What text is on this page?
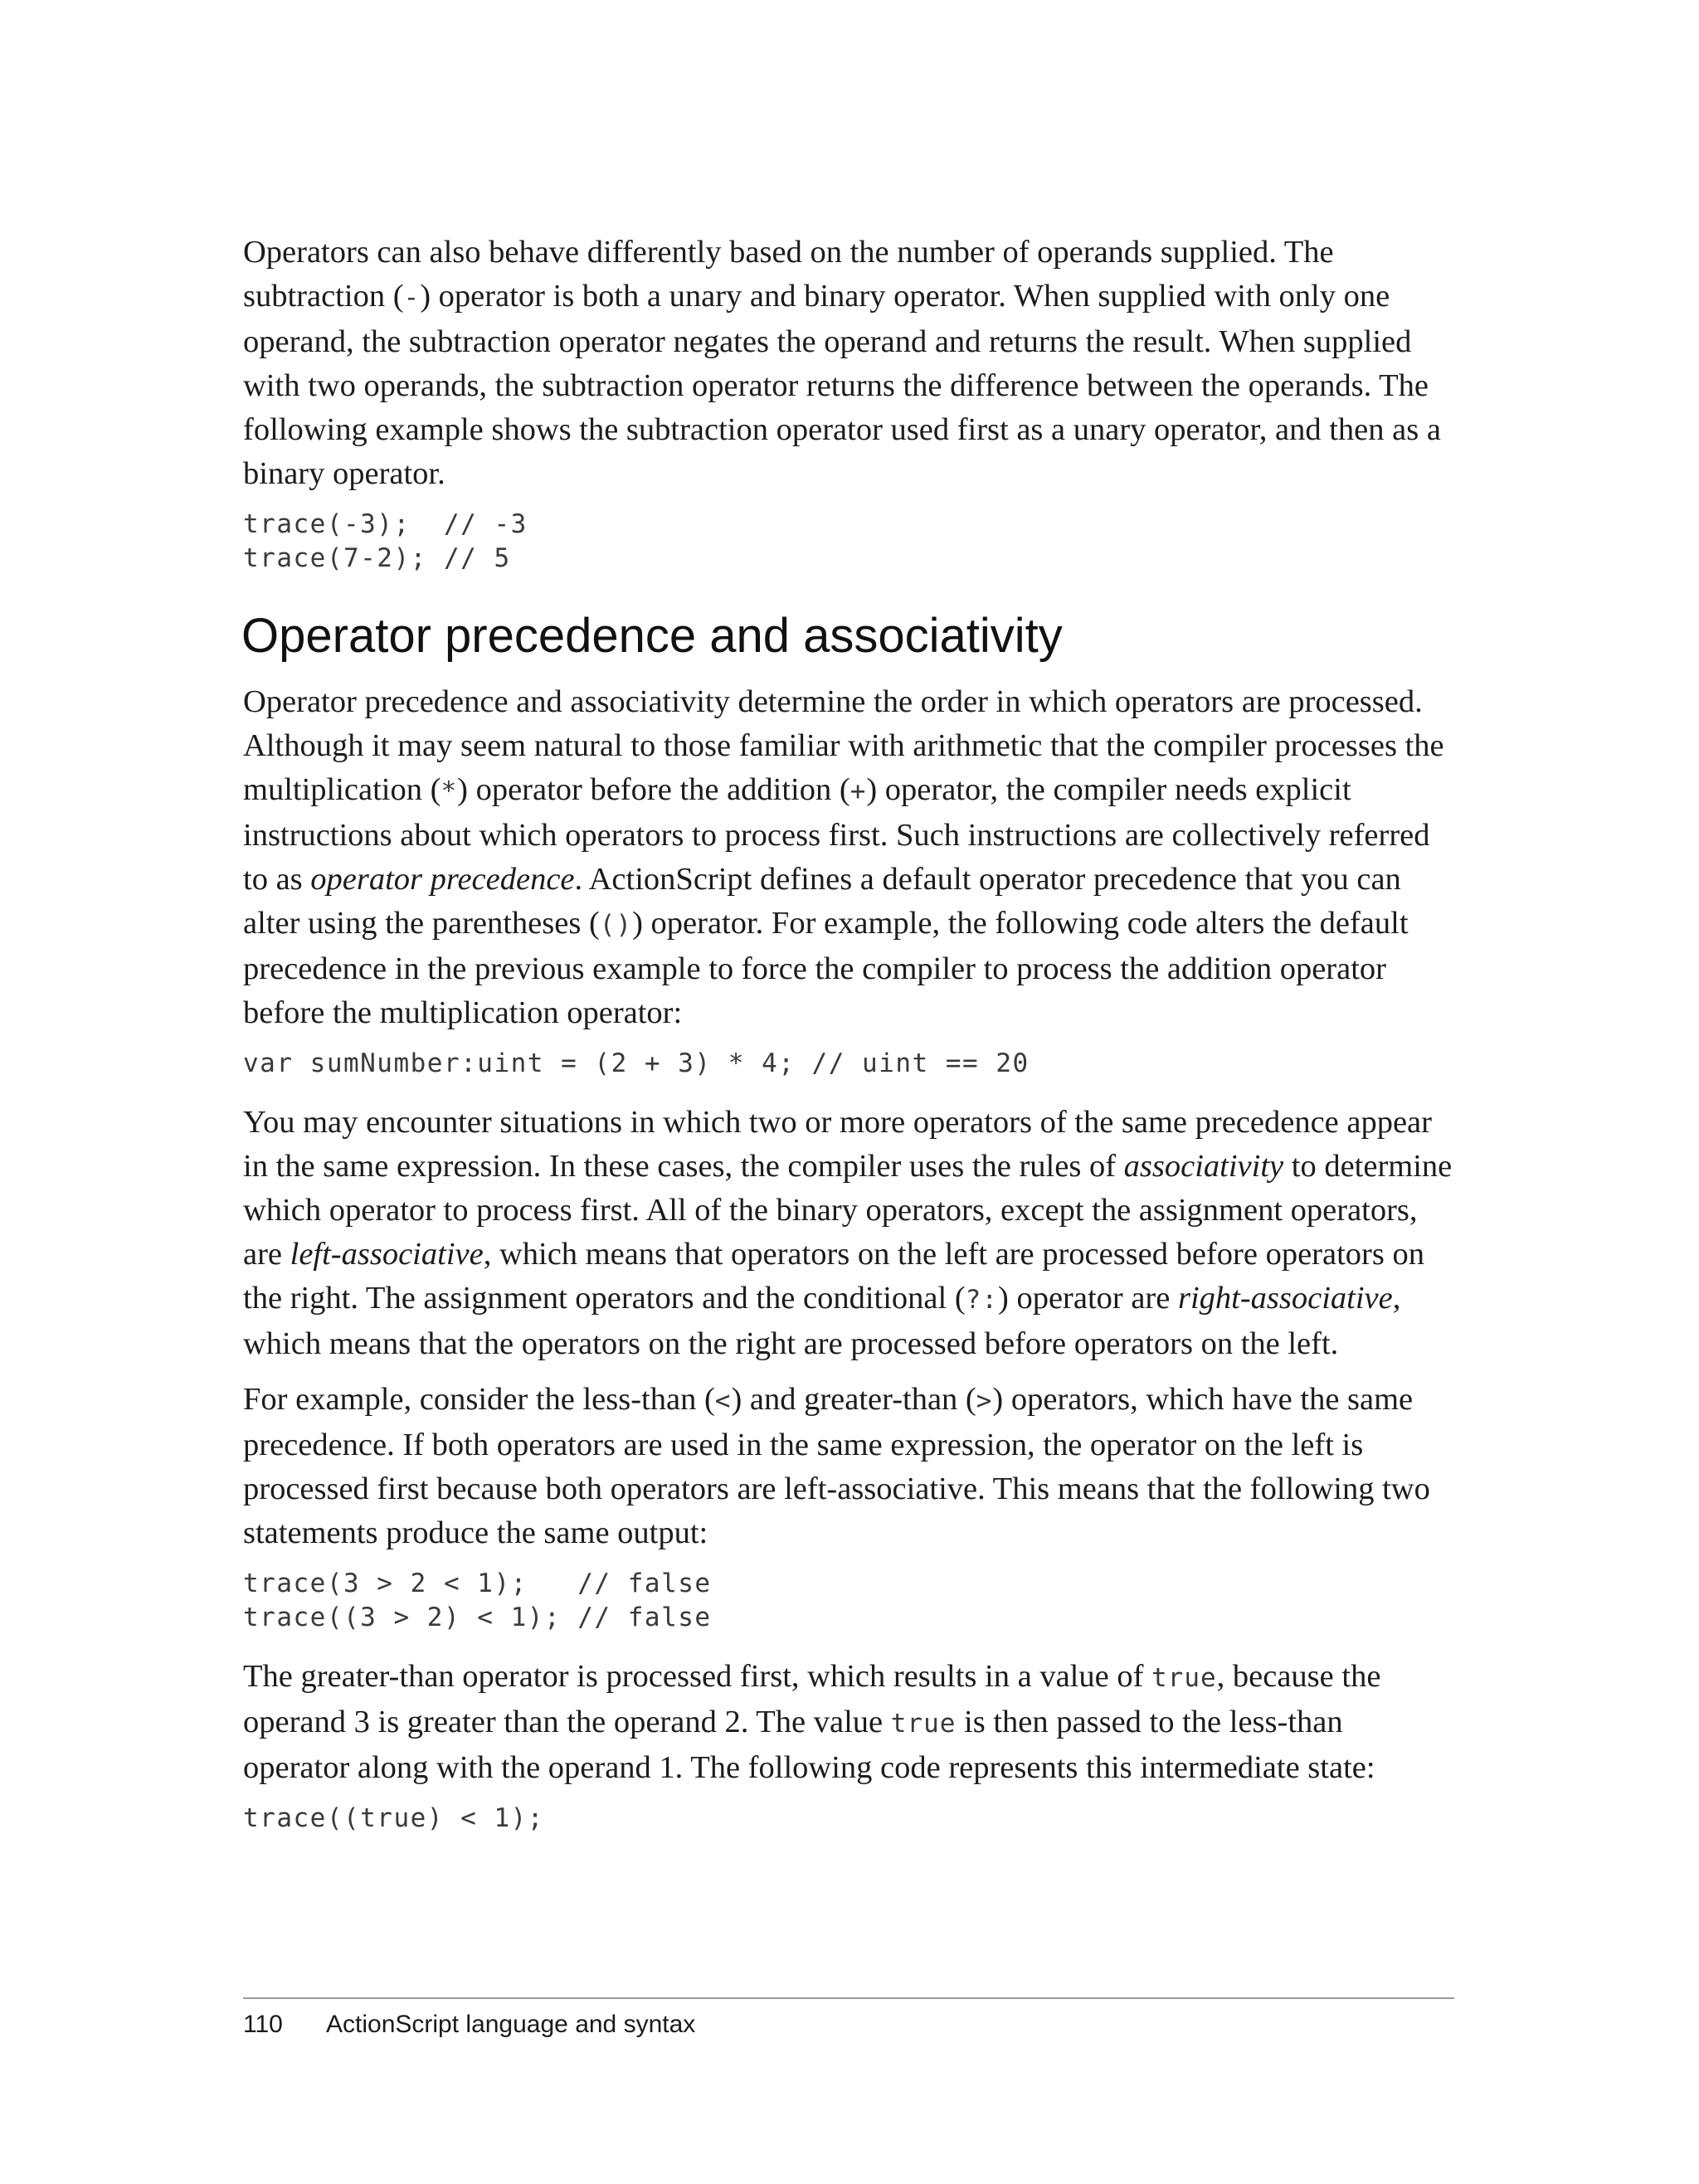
Operators can also behave differently based on the number of operands supplied. The subtraction (-) operator is both a unary and binary operator. When supplied with only one operand, the subtraction operator negates the operand and returns the result. When supplied with two operands, the subtraction operator returns the difference between the operands. The following example shows the subtraction operator used first as a unary operator, and then as a binary operator.

trace(-3);  // -3
trace(7-2); // 5
Operator precedence and associativity

Operator precedence and associativity determine the order in which operators are processed. Although it may seem natural to those familiar with arithmetic that the compiler processes the multiplication (*) operator before the addition (+) operator, the compiler needs explicit instructions about which operators to process first. Such instructions are collectively referred to as operator precedence. ActionScript defines a default operator precedence that you can alter using the parentheses (()) operator. For example, the following code alters the default precedence in the previous example to force the compiler to process the addition operator before the multiplication operator:

var sumNumber:uint = (2 + 3) * 4; // uint == 20

You may encounter situations in which two or more operators of the same precedence appear in the same expression. In these cases, the compiler uses the rules of associativity to determine which operator to process first. All of the binary operators, except the assignment operators, are left-associative, which means that operators on the left are processed before operators on the right. The assignment operators and the conditional (?:) operator are right-associative, which means that the operators on the right are processed before operators on the left.

For example, consider the less-than (<) and greater-than (>) operators, which have the same precedence. If both operators are used in the same expression, the operator on the left is processed first because both operators are left-associative. This means that the following two statements produce the same output:

trace(3 > 2 < 1);   // false
trace((3 > 2) < 1); // false

The greater-than operator is processed first, which results in a value of true, because the operand 3 is greater than the operand 2. The value true is then passed to the less-than operator along with the operand 1. The following code represents this intermediate state:

trace((true) < 1);
110 ActionScript language and syntax
